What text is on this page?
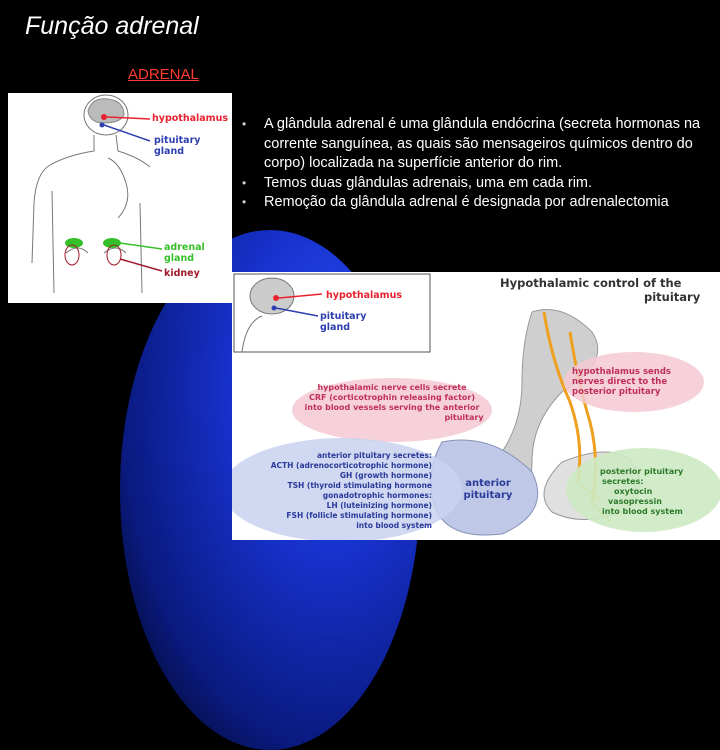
Função adrenal
ADRENAL
• A glândula adrenal é uma glândula endócrina (secreta hormonas na corrente sanguínea, as quais são mensageiros químicos dentro do corpo) localizada na superfície anterior do rim.
• Temos duas glândulas adrenais, uma em cada rim.
• Remoção da glândula adrenal é designada por adrenalectomia
hypothalamus
pituitary
gland
adrenal
gland
kidney
hypothalamus
pituitary
gland
Hypothalamic control of the
pituitary
hypothalamic nerve cells secrete
CRF (corticotrophin releasing factor)
into blood vessels serving the anterior
pituitary
hypothalamus sends
nerves direct to the
posterior pituitary
anterior pituitary secretes:
ACTH (adrenocorticotrophic hormone)
GH (growth hormone)
TSH (thyroid stimulating hormone
gonadotrophic hormones:
LH (luteinizing hormone)
FSH (follicle stimulating hormone)
into blood system
anterior
pituitary
posterior pituitary
secretes:
oxytocin
vasopressin
into blood system
